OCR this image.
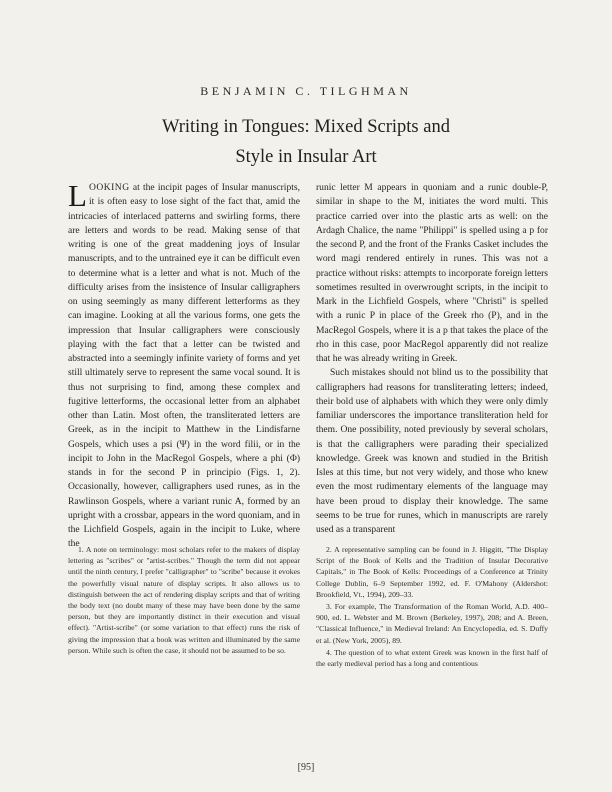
BENJAMIN C. TILGHMAN
Writing in Tongues: Mixed Scripts and
Style in Insular Art

LOOKING at the incipit pages of Insular manuscripts, it is often easy to lose sight of the fact that, amid the intricacies of interlaced patterns and swirling forms, there are letters and words to be read. Making sense of that writing is one of the great maddening joys of Insular manuscripts, and to the untrained eye it can be difficult even to determine what is a letter and what is not. Much of the difficulty arises from the insistence of Insular calligraphers on using seemingly as many different letterforms as they can imagine. Looking at all the various forms, one gets the impression that Insular calligraphers were consciously playing with the fact that a letter can be twisted and abstracted into a seemingly infinite variety of forms and yet still ultimately serve to represent the same vocal sound. It is thus not surprising to find, among these complex and fugitive letterforms, the occasional letter from an alphabet other than Latin. Most often, the transliterated letters are Greek, as in the incipit to Matthew in the Lindisfarne Gospels, which uses a psi (Ψ) in the word filii, or in the incipit to John in the MacRegol Gospels, where a phi (Φ) stands in for the second P in principio (Figs. 1, 2). Occasionally, however, calligraphers used runes, as in the Rawlinson Gospels, where a variant runic A, formed by an upright with a crossbar, appears in the word quoniam, and in the Lichfield Gospels, again in the incipit to Luke, where the

runic letter M appears in quoniam and a runic double-P, similar in shape to the M, initiates the word multi. This practice carried over into the plastic arts as well: on the Ardagh Chalice, the name "Philippi" is spelled using a p for the second P, and the front of the Franks Casket includes the word magi rendered entirely in runes. This was not a practice without risks: attempts to incorporate foreign letters sometimes resulted in overwrought scripts, in the incipit to Mark in the Lichfield Gospels, where "Christi" is spelled with a runic P in place of the Greek rho (P), and in the MacRegol Gospels, where it is a p that takes the place of the rho in this case, poor MacRegol apparently did not realize that he was already writing in Greek.

Such mistakes should not blind us to the possibility that calligraphers had reasons for transliterating letters; indeed, their bold use of alphabets with which they were only dimly familiar underscores the importance transliteration held for them. One possibility, noted previously by several scholars, is that the calligraphers were parading their specialized knowledge. Greek was known and studied in the British Isles at this time, but not very widely, and those who knew even the most rudimentary elements of the language may have been proud to display their knowledge. The same seems to be true for runes, which in manuscripts are rarely used as a transparent

1. A note on terminology: most scholars refer to the makers of display lettering as "scribes" or "artist-scribes." Though the term did not appear until the ninth century, I prefer "calligrapher" to "scribe" because it evokes the powerfully visual nature of display scripts. It also allows us to distinguish between the act of rendering display scripts and that of writing the body text (no doubt many of these may have been done by the same person, but they are importantly distinct in their execution and visual effect). "Artist-scribe" (or some variation to that effect) runs the risk of giving the impression that a book was written and illuminated by the same person. While such is often the case, it should not be assumed to be so.

2. A representative sampling can be found in J. Higgitt, "The Display Script of the Book of Kells and the Tradition of Insular Decorative Capitals," in The Book of Kells: Proceedings of a Conference at Trinity College Dublin, 6–9 September 1992, ed. F. O'Mahony (Aldershot: Brookfield, Vt., 1994), 209–33.

3. For example, The Transformation of the Roman World, A.D. 400–900, ed. L. Webster and M. Brown (Berkeley, 1997), 208; and A. Breen, "Classical Influence," in Medieval Ireland: An Encyclopedia, ed. S. Duffy et al. (New York, 2005), 89.

4. The question of to what extent Greek was known in the first half of the early medieval period has a long and contentious

[95]
